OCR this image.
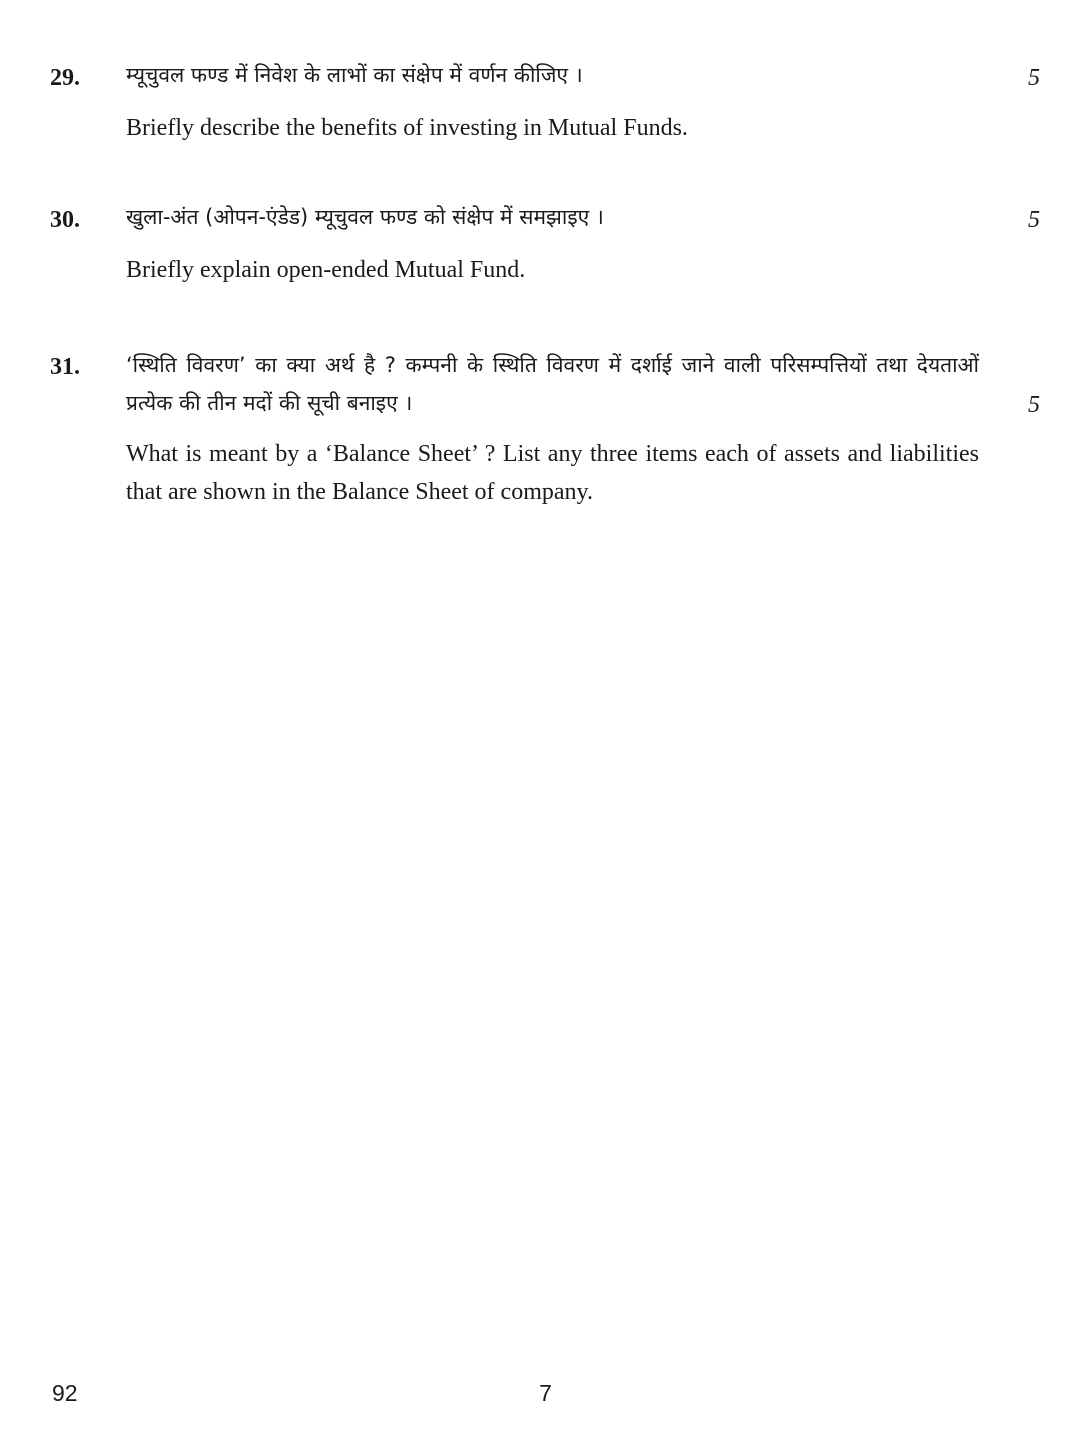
29. म्यूचुवल फण्ड में निवेश के लाभों का संक्षेप में वर्णन कीजिए ।	5
Briefly describe the benefits of investing in Mutual Funds.
30. खुला-अंत (ओपन-एंडेड) म्यूचुवल फण्ड को संक्षेप में समझाइए ।	5
Briefly explain open-ended Mutual Fund.
31. ‘स्थिति विवरण’ का क्या अर्थ है ? कम्पनी के स्थिति विवरण में दर्शाई जाने वाली परिसम्पत्तियों तथा देयताओं प्रत्येक की तीन मदों की सूची बनाइए ।	5
What is meant by a ‘Balance Sheet’ ? List any three items each of assets and liabilities that are shown in the Balance Sheet of company.
92	7
